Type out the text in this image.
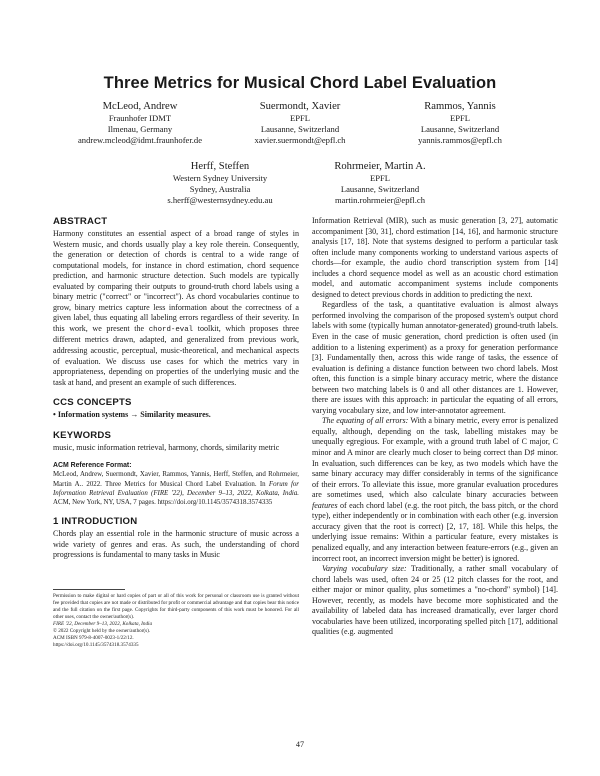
Three Metrics for Musical Chord Label Evaluation
McLeod, Andrew
Fraunhofer IDMT
Ilmenau, Germany
andrew.mcleod@idmt.fraunhofer.de
Suermondt, Xavier
EPFL
Lausanne, Switzerland
xavier.suermondt@epfl.ch
Rammos, Yannis
EPFL
Lausanne, Switzerland
yannis.rammos@epfl.ch
Herff, Steffen
Western Sydney University
Sydney, Australia
s.herff@westernsydney.edu.au
Rohrmeier, Martin A.
EPFL
Lausanne, Switzerland
martin.rohrmeier@epfl.ch
ABSTRACT

Harmony constitutes an essential aspect of a broad range of styles in Western music, and chords usually play a key role therein. Consequently, the generation or detection of chords is central to a wide range of computational models, for instance in chord estimation, chord sequence prediction, and harmonic structure detection. Such models are typically evaluated by comparing their outputs to ground-truth chord labels using a binary metric ("correct" or "incorrect"). As chord vocabularies continue to grow, binary metrics capture less information about the correctness of a given label, thus equating all labeling errors regardless of their severity. In this work, we present the chord-eval toolkit, which proposes three different metrics drawn, adapted, and generalized from previous work, addressing acoustic, perceptual, music-theoretical, and mechanical aspects of evaluation. We discuss use cases for which the metrics vary in appropriateness, depending on properties of the underlying music and the task at hand, and present an example of such differences.

CCS CONCEPTS

• Information systems → Similarity measures.

KEYWORDS

music, music information retrieval, harmony, chords, similarity metric

ACM Reference Format:

McLeod, Andrew, Suermondt, Xavier, Rammos, Yannis, Herff, Steffen, and Rohrmeier, Martin A.. 2022. Three Metrics for Musical Chord Label Evaluation. In Forum for Information Retrieval Evaluation (FIRE '22), December 9–13, 2022, Kolkata, India. ACM, New York, NY, USA, 7 pages. https://doi.org/10.1145/3574318.3574335

1 INTRODUCTION

Chords play an essential role in the harmonic structure of music across a wide variety of genres and eras. As such, the understanding of chord progressions is fundamental to many tasks in Music

Permission to make digital or hard copies of part or all of this work for personal or classroom use is granted without fee provided that copies are not made or distributed for profit or commercial advantage and that copies bear this notice and the full citation on the first page. Copyrights for third-party components of this work must be honored. For all other uses, contact the owner/author(s).
FIRE '22, December 9–13, 2022, Kolkata, India
© 2022 Copyright held by the owner/author(s).
ACM ISBN 979-8-4007-0023-1/22/12.
https://doi.org/10.1145/3574318.3574335

Information Retrieval (MIR), such as music generation [3, 27], automatic accompaniment [30, 31], chord estimation [14, 16], and harmonic structure analysis [17, 18]. Note that systems designed to perform a particular task often include many components working to understand various aspects of chords—for example, the audio chord transcription system from [14] includes a chord sequence model as well as an acoustic chord estimation model, and automatic accompaniment systems include components designed to detect previous chords in addition to predicting the next.

Regardless of the task, a quantitative evaluation is almost always performed involving the comparison of the proposed system's output chord labels with some (typically human annotator-generated) ground-truth labels. Even in the case of music generation, chord prediction is often used (in addition to a listening experiment) as a proxy for generation performance [3]. Fundamentally then, across this wide range of tasks, the essence of evaluation is defining a distance function between two chord labels. Most often, this function is a simple binary accuracy metric, where the distance between two matching labels is 0 and all other distances are 1. However, there are issues with this approach: in particular the equating of all errors, varying vocabulary size, and low inter-annotator agreement.

The equating of all errors: With a binary metric, every error is penalized equally, although, depending on the task, labelling mistakes may be unequally egregious. For example, with a ground truth label of C major, C minor and A minor are clearly much closer to being correct than D♯ minor. In evaluation, such differences can be key, as two models which have the same binary accuracy may differ considerably in terms of the significance of their errors. To alleviate this issue, more granular evaluation procedures are sometimes used, which also calculate binary accuracies between features of each chord label (e.g. the root pitch, the bass pitch, or the chord type), either independently or in combination with each other (e.g. inversion accuracy given that the root is correct) [2, 17, 18]. While this helps, the underlying issue remains: Within a particular feature, every mistakes is penalized equally, and any interaction between feature-errors (e.g., given an incorrect root, an incorrect inversion might be better) is ignored.

Varying vocabulary size: Traditionally, a rather small vocabulary of chord labels was used, often 24 or 25 (12 pitch classes for the root, and either major or minor quality, plus sometimes a "no-chord" symbol) [14]. However, recently, as models have become more sophisticated and the availability of labeled data has increased dramatically, ever larger chord vocabularies have been utilized, incorporating spelled pitch [17], additional qualities (e.g. augmented

47
